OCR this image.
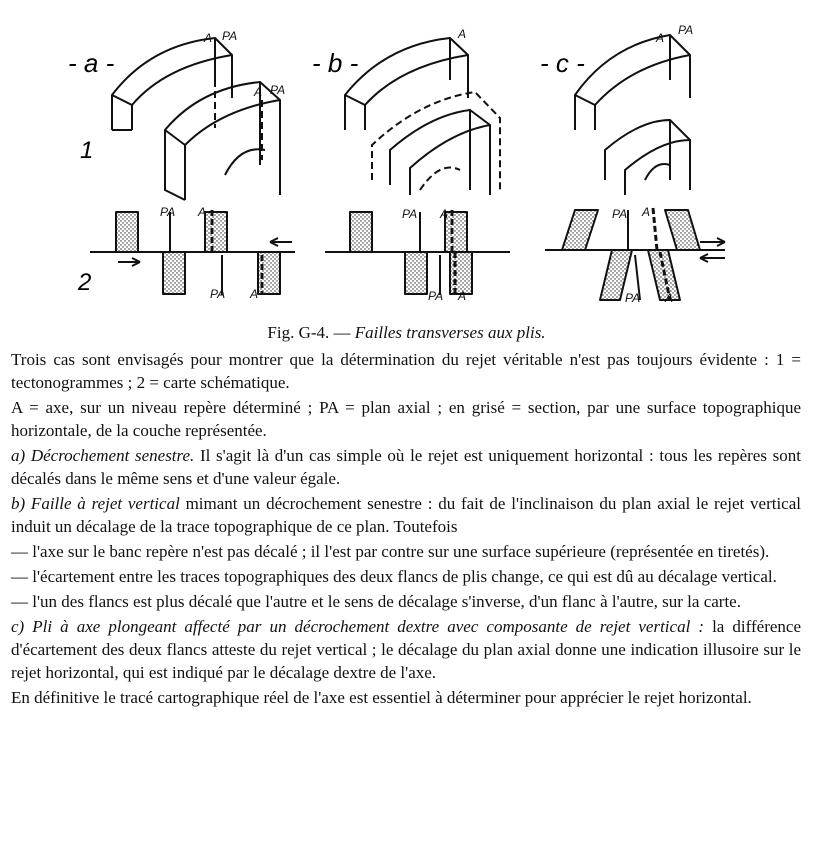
- a -	- b -	- c -
1
2
A PA
A PA
A	A
PA
PA A
PA A
PA A
PA A
PA A
PA A
Fig. G-4. — Failles transverses aux plis.

Trois cas sont envisagés pour montrer que la détermination du rejet véritable n'est pas toujours évidente : 1 = tectonogrammes ; 2 = carte schématique.

A = axe, sur un niveau repère déterminé ; PA = plan axial ; en grisé = section, par une surface topographique horizontale, de la couche représentée.

a) Décrochement senestre. Il s'agit là d'un cas simple où le rejet est uniquement horizontal : tous les repères sont décalés dans le même sens et d'une valeur égale.

b) Faille à rejet vertical mimant un décrochement senestre : du fait de l'inclinaison du plan axial le rejet vertical induit un décalage de la trace topographique de ce plan. Toutefois

— l'axe sur le banc repère n'est pas décalé ; il l'est par contre sur une surface supérieure (représentée en tiretés).

— l'écartement entre les traces topographiques des deux flancs de plis change, ce qui est dû au décalage vertical.

— l'un des flancs est plus décalé que l'autre et le sens de décalage s'inverse, d'un flanc à l'autre, sur la carte.

c) Pli à axe plongeant affecté par un décrochement dextre avec composante de rejet vertical : la différence d'écartement des deux flancs atteste du rejet vertical ; le décalage du plan axial donne une indication illusoire sur le rejet horizontal, qui est indiqué par le décalage dextre de l'axe.

En définitive le tracé cartographique réel de l'axe est essentiel à déterminer pour apprécier le rejet horizontal.
